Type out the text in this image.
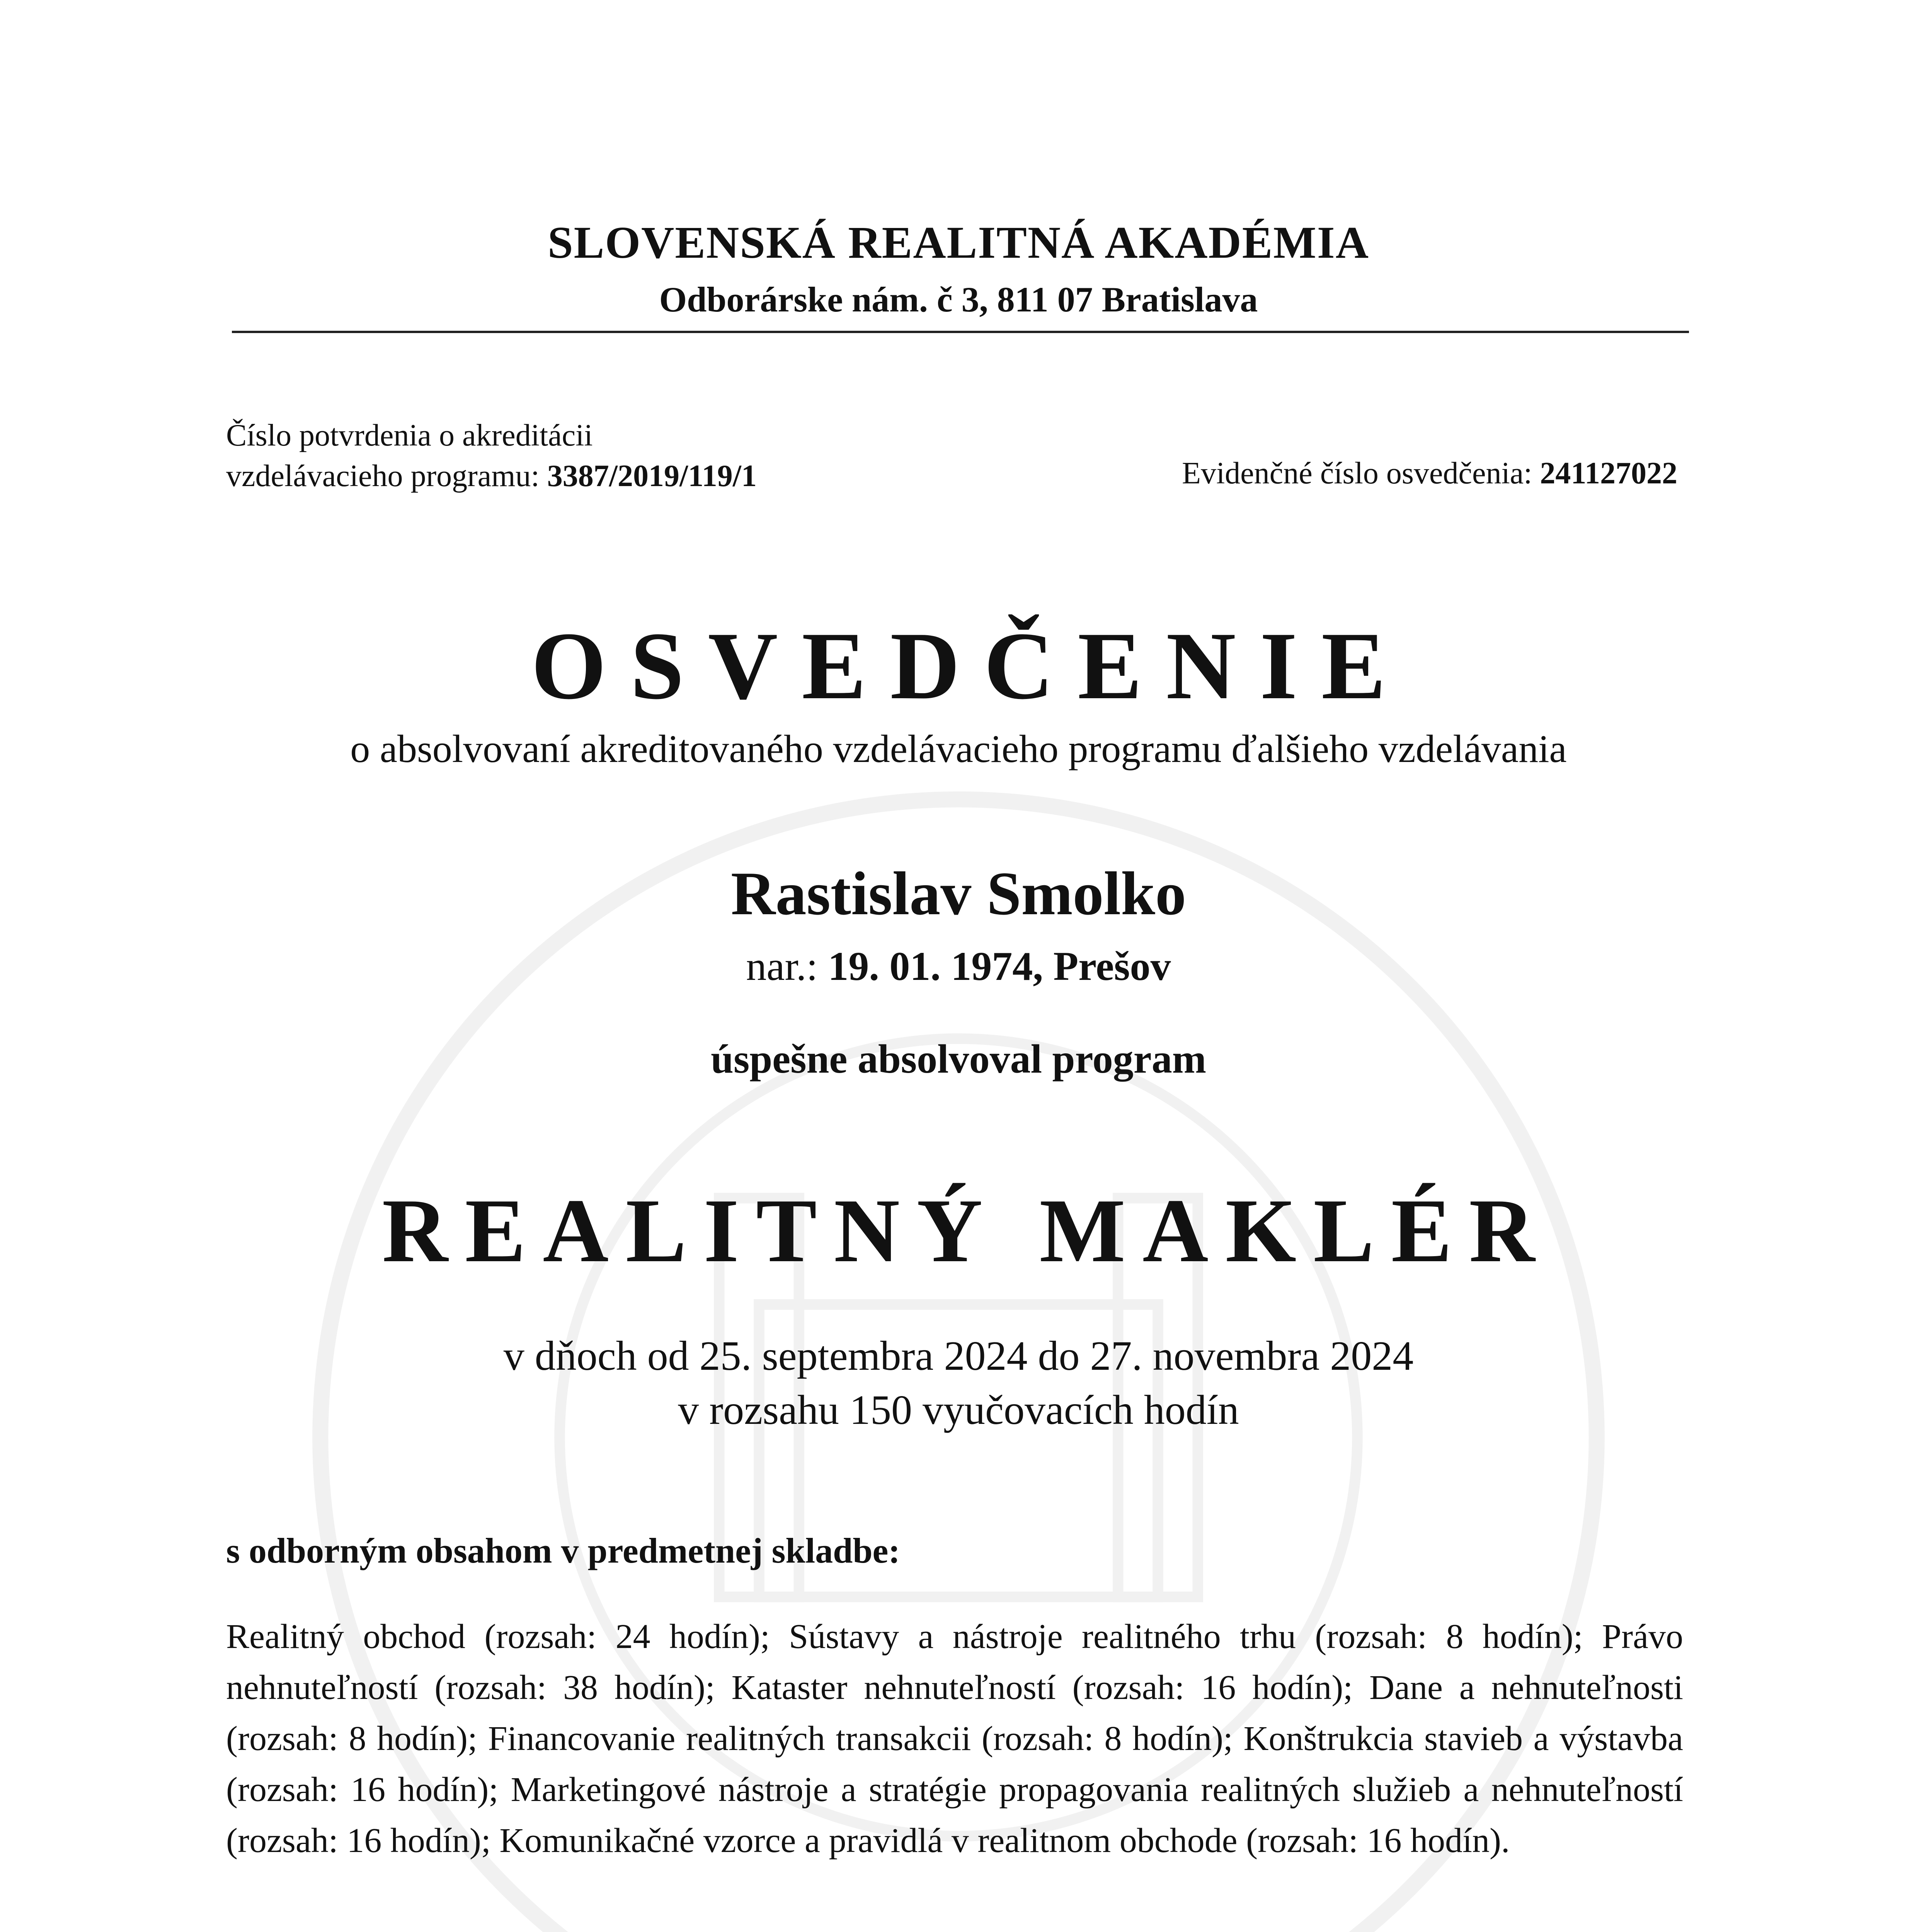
SLOVENSKÁ REALITNÁ AKADÉMIA
Odborárske nám. č 3, 811 07 Bratislava
Číslo potvrdenia o akreditácii
vzdelávacieho programu: 3387/2019/119/1	Evidenčné číslo osvedčenia: 241127022
OSVEDČENIE
o absolvovaní akreditovaného vzdelávacieho programu ďalšieho vzdelávania
Rastislav Smolko
nar.: 19. 01. 1974, Prešov
úspešne absolvoval program
REALITNÝ MAKLÉR
v dňoch od 25. septembra 2024 do 27. novembra 2024
v rozsahu 150 vyučovacích hodín
s odborným obsahom v predmetnej skladbe:
Realitný obchod (rozsah: 24 hodín); Sústavy a nástroje realitného trhu (rozsah: 8 hodín); Právo nehnuteľností (rozsah: 38 hodín); Kataster nehnuteľností (rozsah: 16 hodín); Dane a nehnuteľnosti (rozsah: 8 hodín); Financovanie realitných transakcii (rozsah: 8 hodín); Konštrukcia stavieb a výstavba (rozsah: 16 hodín); Marketingové nástroje a stratégie propagovania realitných služieb a nehnuteľností (rozsah: 16 hodín); Komunikačné vzorce a pravidlá v realitnom obchode (rozsah: 16 hodín).
